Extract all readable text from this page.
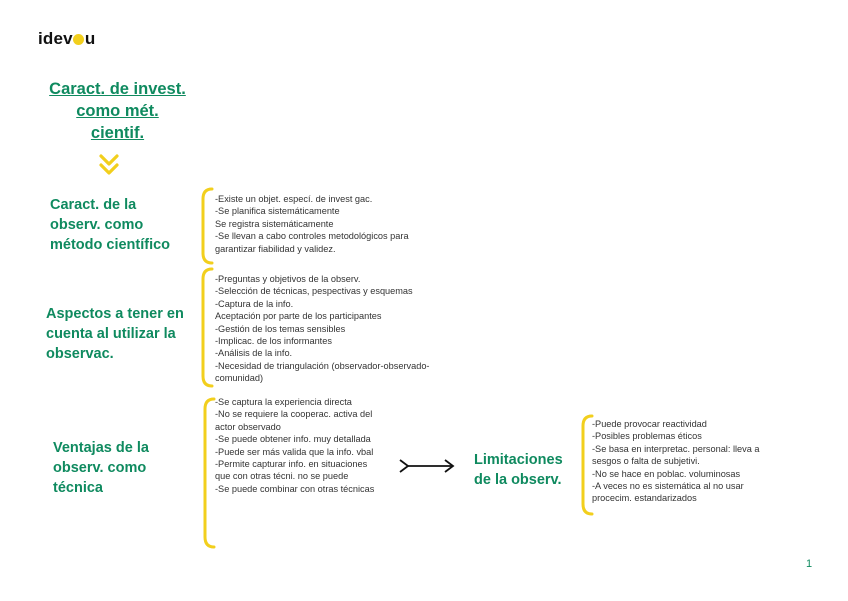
idev u
Caract. de invest.
como mét.
cientif.
Caract. de la
observ. como
método científico
-Existe un objet. especí. de invest gac.
-Se planifica sistemáticamente
Se registra sistemáticamente
-Se llevan a cabo controles metodológicos para garantizar fiabilidad y validez.
Aspectos a tener en
cuenta al utilizar la
observac.
-Preguntas y objetivos de la observ.
-Selección de técnicas, pespectivas y esquemas
-Captura de la info.
Aceptación por parte de los participantes
-Gestión de los temas sensibles
-Implicac. de los informantes
-Análisis de la info.
-Necesidad de triangulación (observador-observado-comunidad)
Ventajas de la
observ. como
técnica
-Se captura la experiencia directa
-No se requiere la cooperac. activa del actor observado
-Se puede obtener info. muy detallada
-Puede ser más valida que la info. vbal
-Permite capturar info. en situaciones que con otras técni. no se puede
-Se puede combinar con otras técnicas
Limitaciones
de la observ.
-Puede provocar reactividad
-Posibles problemas éticos
-Se basa en interpretac. personal: lleva a sesgos o falta de subjetivi.
-No se hace en poblac. voluminosas
-A veces no es sistemática al no usar procecim. estandarizados
1
